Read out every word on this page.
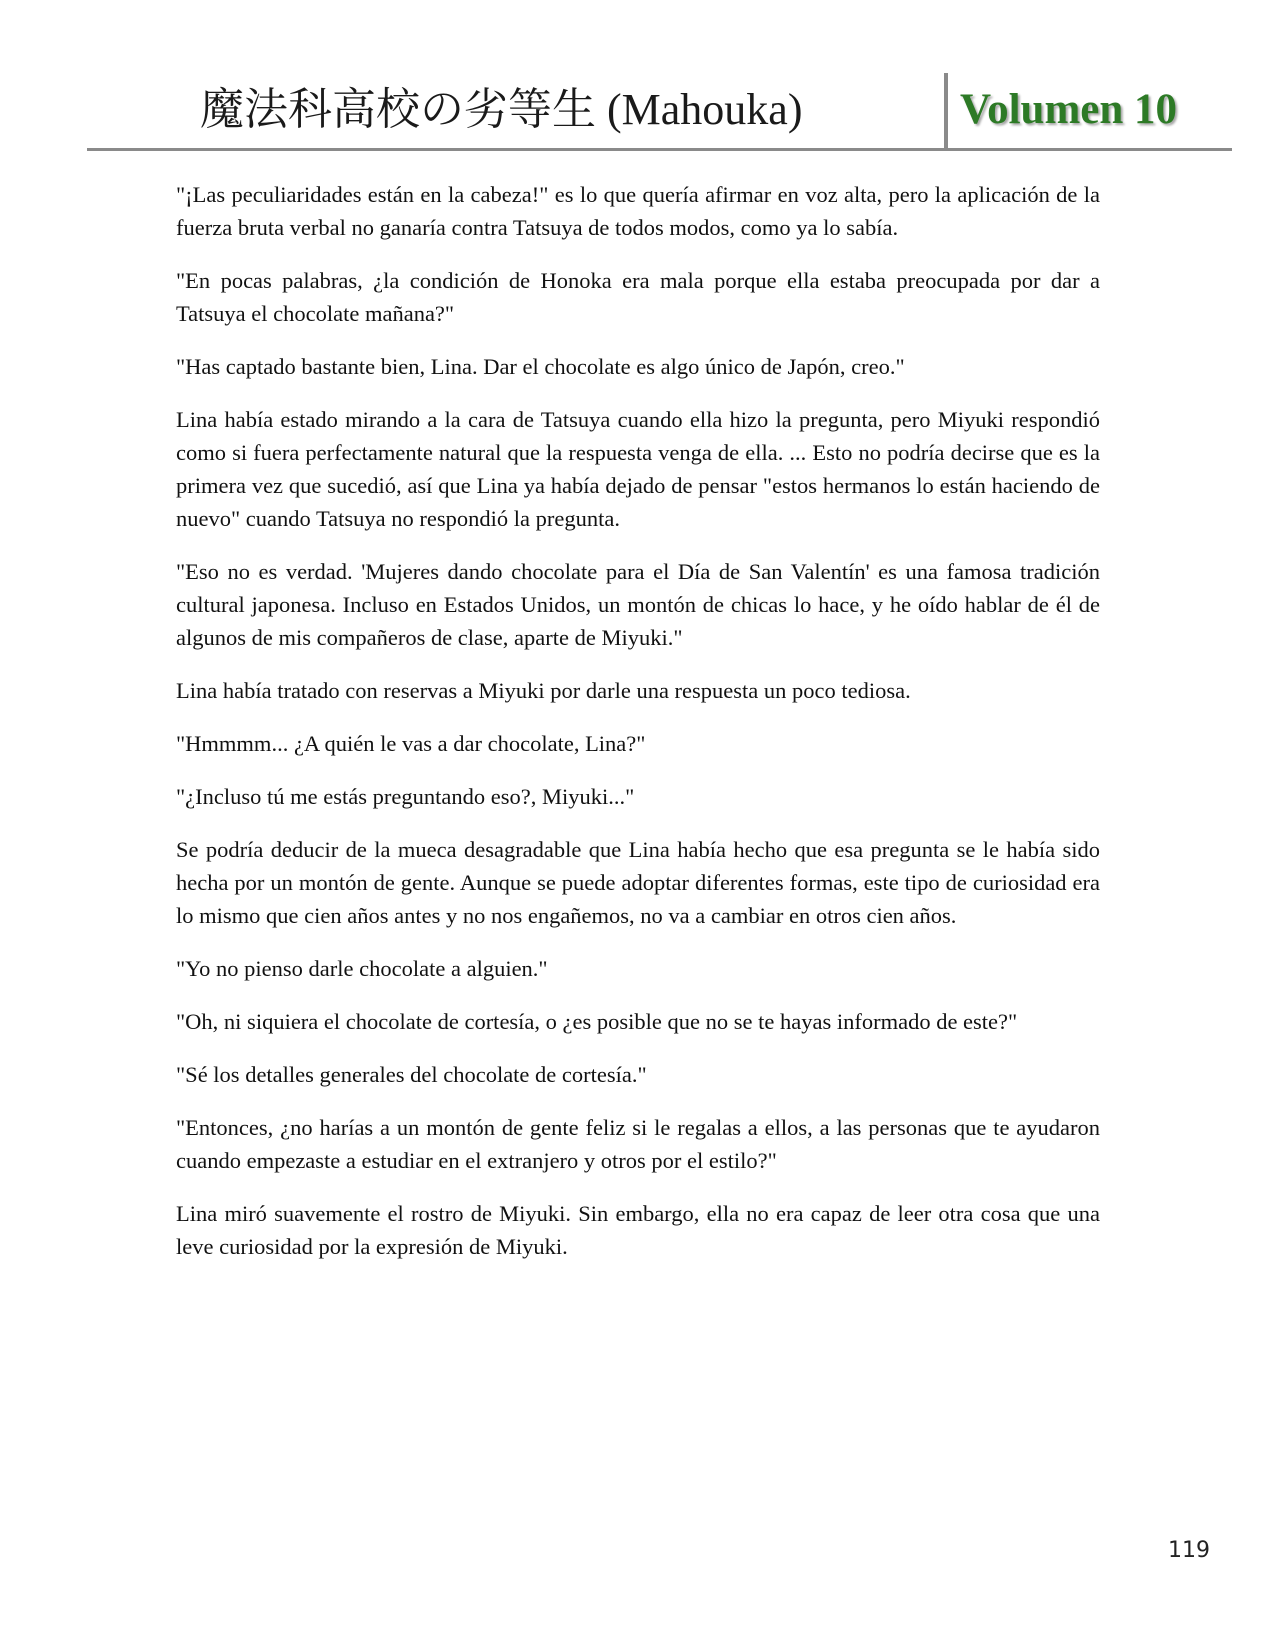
魔法科高校の劣等生 (Mahouka)	Volumen 10

"¡Las peculiaridades están en la cabeza!" es lo que quería afirmar en voz alta, pero la aplicación de la fuerza bruta verbal no ganaría contra Tatsuya de todos modos, como ya lo sabía.

"En pocas palabras, ¿la condición de Honoka era mala porque ella estaba preocupada por dar a Tatsuya el chocolate mañana?"

"Has captado bastante bien, Lina. Dar el chocolate es algo único de Japón, creo."

Lina había estado mirando a la cara de Tatsuya cuando ella hizo la pregunta, pero Miyuki respondió como si fuera perfectamente natural que la respuesta venga de ella. ... Esto no podría decirse que es la primera vez que sucedió, así que Lina ya había dejado de pensar "estos hermanos lo están haciendo de nuevo" cuando Tatsuya no respondió la pregunta.

"Eso no es verdad. 'Mujeres dando chocolate para el Día de San Valentín' es una famosa tradición cultural japonesa. Incluso en Estados Unidos, un montón de chicas lo hace, y he oído hablar de él de algunos de mis compañeros de clase, aparte de Miyuki."

Lina había tratado con reservas a Miyuki por darle una respuesta un poco tediosa.

"Hmmmm... ¿A quién le vas a dar chocolate, Lina?"

"¿Incluso tú me estás preguntando eso?, Miyuki..."

Se podría deducir de la mueca desagradable que Lina había hecho que esa pregunta se le había sido hecha por un montón de gente. Aunque se puede adoptar diferentes formas, este tipo de curiosidad era lo mismo que cien años antes y no nos engañemos, no va a cambiar en otros cien años.

"Yo no pienso darle chocolate a alguien."

"Oh, ni siquiera el chocolate de cortesía, o ¿es posible que no se te hayas informado de este?"

"Sé los detalles generales del chocolate de cortesía."

"Entonces, ¿no harías a un montón de gente feliz si le regalas a ellos, a las personas que te ayudaron cuando empezaste a estudiar en el extranjero y otros por el estilo?"

Lina miró suavemente el rostro de Miyuki. Sin embargo, ella no era capaz de leer otra cosa que una leve curiosidad por la expresión de Miyuki.

119
